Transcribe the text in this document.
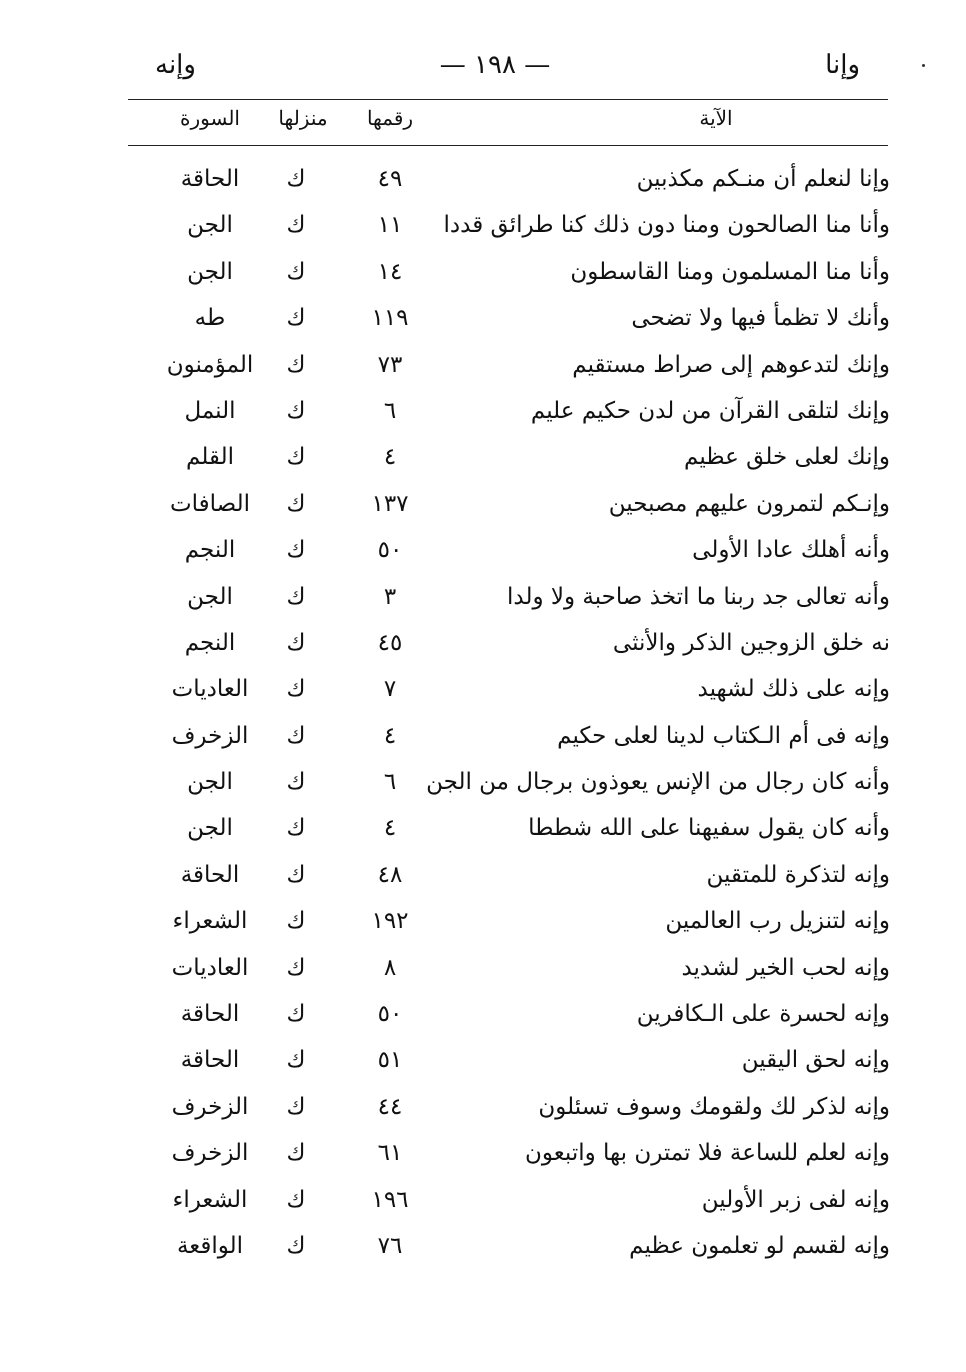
وإنا
— ١٩٨ —
وإنه
الآية
رقمها
منزلها
السورة
وإنا لنعلم أن منـكم مكذبين
٤٩
ك
الحاقة
وأنا منا الصالحون ومنا دون ذلك كنا طرائق قددا
١١
ك
الجن
وأنا منا المسلمون ومنا القاسطون
١٤
ك
الجن
وأنك لا تظمأ فيها ولا تضحى
١١٩
ك
طه
وإنك لتدعوهم إلى صراط مستقيم
٧٣
ك
المؤمنون
وإنك لتلقى القرآن من لدن حكيم عليم
٦
ك
النمل
وإنك لعلى خلق عظيم
٤
ك
القلم
وإنـكم لتمرون عليهم مصبحين
١٣٧
ك
الصافات
وأنه أهلك عادا الأولى
٥٠
ك
النجم
وأنه تعالى جد ربنا ما اتخذ صاحبة ولا ولدا
٣
ك
الجن
نه خلق الزوجين الذكر والأنثى
٤٥
ك
النجم
وإنه على ذلك لشهيد
٧
ك
العاديات
وإنه فى أم الـكتاب لدينا لعلى حكيم
٤
ك
الزخرف
وأنه كان رجال من الإنس يعوذون برجال من الجن
٦
ك
الجن
وأنه كان يقول سفيهنا على الله شططا
٤
ك
الجن
وإنه لتذكرة للمتقين
٤٨
ك
الحاقة
وإنه لتنزيل رب العالمين
١٩٢
ك
الشعراء
وإنه لحب الخير لشديد
٨
ك
العاديات
وإنه لحسرة على الـكافرين
٥٠
ك
الحاقة
وإنه لحق اليقين
٥١
ك
الحاقة
وإنه لذكر لك ولقومك وسوف تسئلون
٤٤
ك
الزخرف
وإنه لعلم للساعة فلا تمترن بها واتبعون
٦١
ك
الزخرف
وإنه لفى زبر الأولين
١٩٦
ك
الشعراء
وإنه لقسم لو تعلمون عظيم
٧٦
ك
الواقعة
